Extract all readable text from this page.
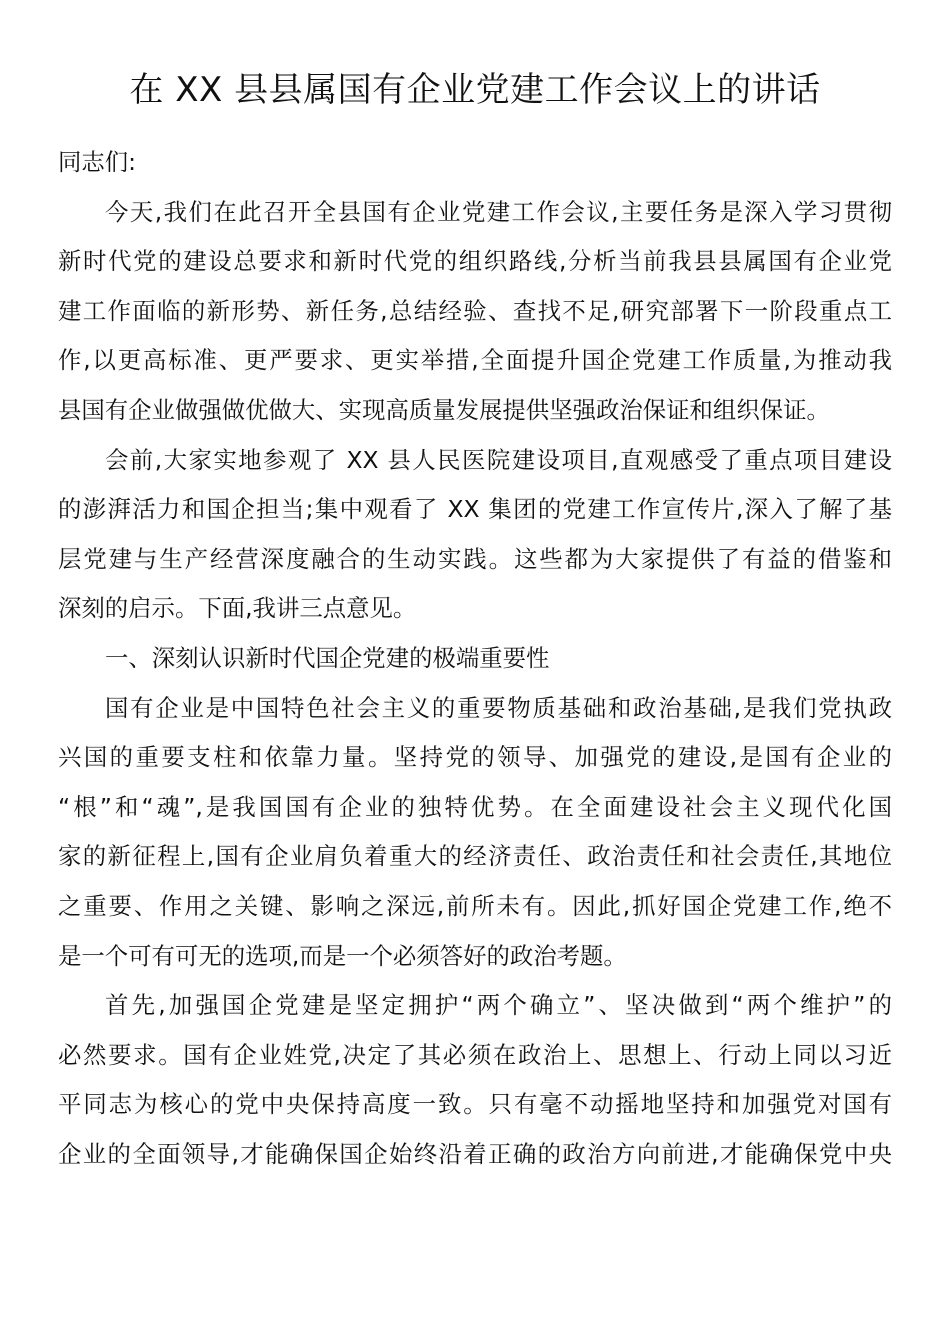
在 XX 县县属国有企业党建工作会议上的讲话
同志们:
今天,我们在此召开全县国有企业党建工作会议,主要任务是深入学习贯彻
新时代党的建设总要求和新时代党的组织路线,分析当前我县县属国有企业党
建工作面临的新形势、新任务,总结经验、查找不足,研究部署下一阶段重点工
作,以更高标准、更严要求、更实举措,全面提升国企党建工作质量,为推动我
县国有企业做强做优做大、实现高质量发展提供坚强政治保证和组织保证。
会前,大家实地参观了 XX 县人民医院建设项目,直观感受了重点项目建设
的澎湃活力和国企担当;集中观看了 XX 集团的党建工作宣传片,深入了解了基
层党建与生产经营深度融合的生动实践。这些都为大家提供了有益的借鉴和
深刻的启示。下面,我讲三点意见。
一、深刻认识新时代国企党建的极端重要性
国有企业是中国特色社会主义的重要物质基础和政治基础,是我们党执政
兴国的重要支柱和依靠力量。坚持党的领导、加强党的建设,是国有企业的
“根”和“魂”,是我国国有企业的独特优势。在全面建设社会主义现代化国
家的新征程上,国有企业肩负着重大的经济责任、政治责任和社会责任,其地位
之重要、作用之关键、影响之深远,前所未有。因此,抓好国企党建工作,绝不
是一个可有可无的选项,而是一个必须答好的政治考题。
首先,加强国企党建是坚定拥护“两个确立”、坚决做到“两个维护”的
必然要求。国有企业姓党,决定了其必须在政治上、思想上、行动上同以习近
平同志为核心的党中央保持高度一致。只有毫不动摇地坚持和加强党对国有
企业的全面领导,才能确保国企始终沿着正确的政治方向前进,才能确保党中央
